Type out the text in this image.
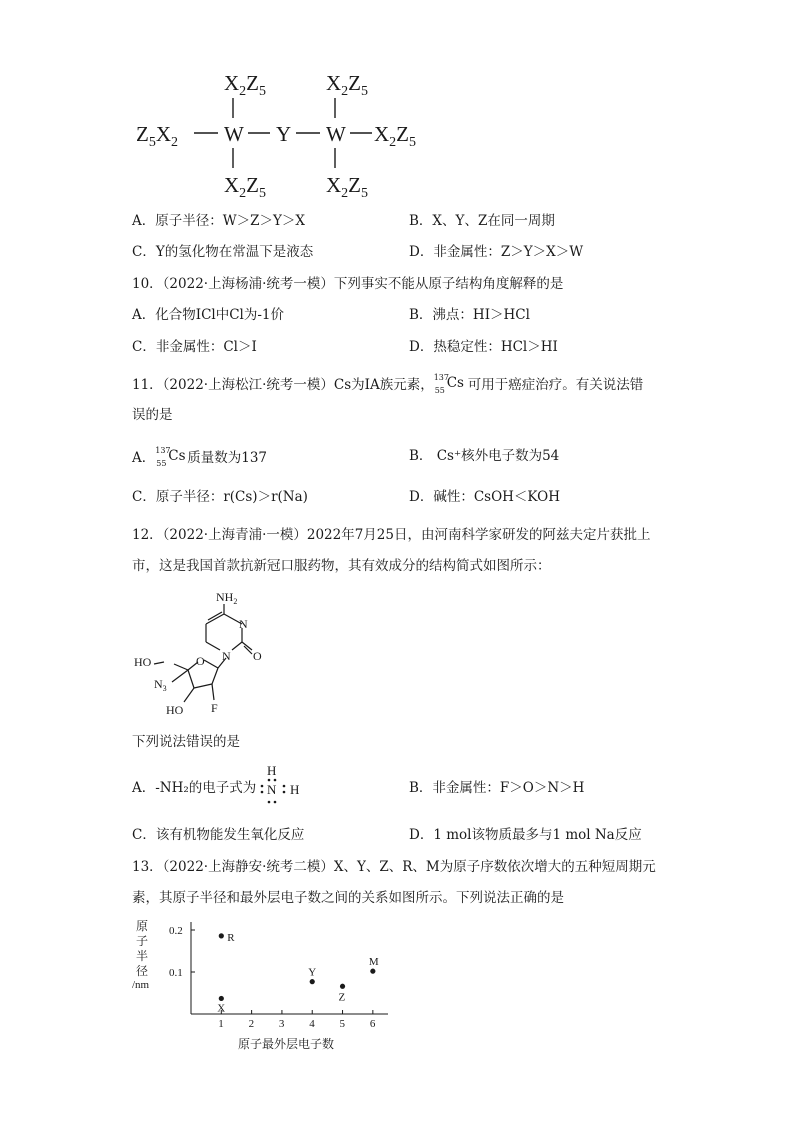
$X_2Z_5$	$X_2Z_5$
$Z_5X_2$ W Y W $X_2Z_5$
$X_2Z_5$	$X_2Z_5$
A．原子半径：W＞Z＞Y＞X	B．X、Y、Z在同一周期
C．Y的氢化物在常温下是液态	D．非金属性：Z＞Y＞X＞W
10．（2022·上海杨浦·统考一模）下列事实不能从原子结构角度解释的是
A．化合物ICl中Cl为-1价	B．沸点：HI＞HCl
C．非金属性：Cl＞I	D．热稳定性：HCl＞HI
11．（2022·上海松江·统考一模）Cs为ⅠA族元素， 137
55 Cs 可用于癌症治疗。有关说法错
误的是
A． 137
55 Cs 质量数为137	B． Cs⁺核外电子数为54
C．原子半径：r(Cs)＞r(Na)	D．碱性：CsOH＜KOH
12．（2022·上海青浦·一模）2022年7月25日，由河南科学家研发的阿兹夫定片获批上
市，这是我国首款抗新冠口服药物，其有效成分的结构简式如图所示：
$NH_2$
N
N O
O
HO
$N_3$
HO F
下列说法错误的是
A．-NH₂的电子式为
H
N H	B．非金属性：F＞O＞N＞H
C．该有机物能发生氧化反应	D．1 mol该物质最多与1 mol Na反应
13．（2022·上海静安·统考二模）X、Y、Z、R、M为原子序数依次增大的五种短周期元
素，其原子半径和最外层电子数之间的关系如图所示。下列说法正确的是
原
子
半
径
/nm
1 2 3 4 5 6
0.2
0.1
R
X
Y
Z
M
原子最外层电子数
